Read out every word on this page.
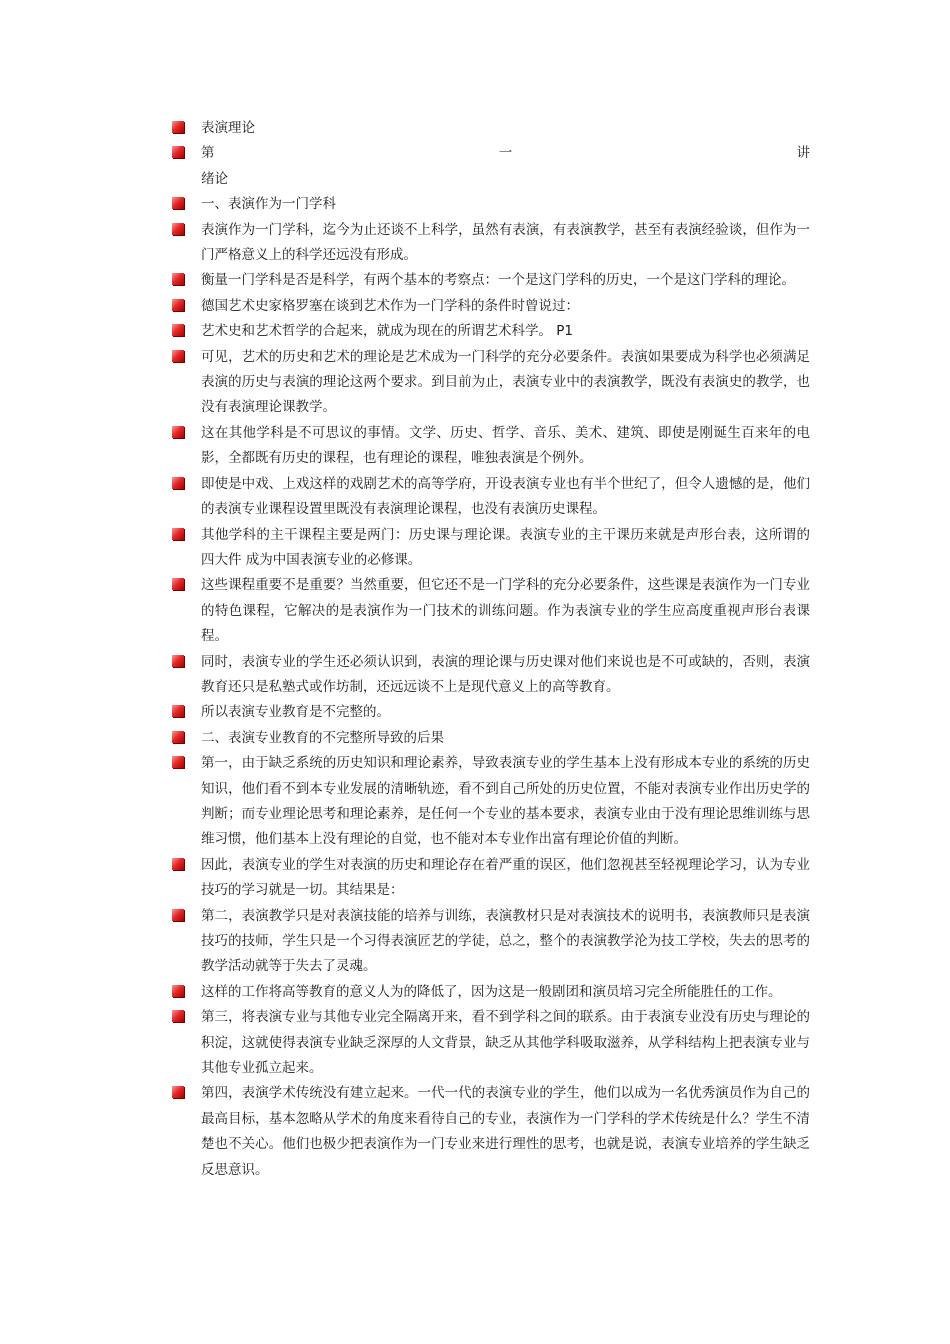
表演理论
第	一	讲
绪论
一、表演作为一门学科
表演作为一门学科，迄今为止还谈不上科学，虽然有表演，有表演教学，甚至有表演经验谈，但作为一门严格意义上的科学还远没有形成。
衡量一门学科是否是科学，有两个基本的考察点：一个是这门学科的历史，一个是这门学科的理论。
德国艺术史家格罗塞在谈到艺术作为一门学科的条件时曾说过：
艺术史和艺术哲学的合起来，就成为现在的所谓艺术科学。 P1
可见，艺术的历史和艺术的理论是艺术成为一门科学的充分必要条件。表演如果要成为科学也必须满足表演的历史与表演的理论这两个要求。到目前为止，表演专业中的表演教学，既没有表演史的教学，也没有表演理论课教学。
这在其他学科是不可思议的事情。文学、历史、哲学、音乐、美术、建筑、即使是刚诞生百来年的电影，全都既有历史的课程，也有理论的课程，唯独表演是个例外。
即使是中戏、上戏这样的戏剧艺术的高等学府，开设表演专业也有半个世纪了，但令人遗憾的是，他们的表演专业课程设置里既没有表演理论课程，也没有表演历史课程。
其他学科的主干课程主要是两门：历史课与理论课。表演专业的主干课历来就是声形台表，这所谓的 四大件 成为中国表演专业的必修课。
这些课程重要不是重要？当然重要，但它还不是一门学科的充分必要条件，这些课是表演作为一门专业的特色课程，它解决的是表演作为一门技术的训练问题。作为表演专业的学生应高度重视声形台表课程。
同时，表演专业的学生还必须认识到，表演的理论课与历史课对他们来说也是不可或缺的，否则，表演教育还只是私塾式或作坊制，还远远谈不上是现代意义上的高等教育。
所以表演专业教育是不完整的。
二、表演专业教育的不完整所导致的后果
第一，由于缺乏系统的历史知识和理论素养，导致表演专业的学生基本上没有形成本专业的系统的历史知识，他们看不到本专业发展的清晰轨迹，看不到自己所处的历史位置，不能对表演专业作出历史学的判断；而专业理论思考和理论素养，是任何一个专业的基本要求，表演专业由于没有理论思维训练与思维习惯，他们基本上没有理论的自觉，也不能对本专业作出富有理论价值的判断。
因此，表演专业的学生对表演的历史和理论存在着严重的误区，他们忽视甚至轻视理论学习，认为专业技巧的学习就是一切。其结果是：
第二，表演教学只是对表演技能的培养与训练，表演教材只是对表演技术的说明书，表演教师只是表演技巧的技师，学生只是一个习得表演匠艺的学徒，总之，整个的表演教学沦为技工学校，失去的思考的教学活动就等于失去了灵魂。
这样的工作将高等教育的意义人为的降低了，因为这是一般剧团和演员培习完全所能胜任的工作。
第三，将表演专业与其他专业完全隔离开来，看不到学科之间的联系。由于表演专业没有历史与理论的积淀，这就使得表演专业缺乏深厚的人文背景，缺乏从其他学科吸取滋养，从学科结构上把表演专业与其他专业孤立起来。
第四，表演学术传统没有建立起来。一代一代的表演专业的学生，他们以成为一名优秀演员作为自己的最高目标，基本忽略从学术的角度来看待自己的专业，表演作为一门学科的学术传统是什么？学生不清楚也不关心。他们也极少把表演作为一门专业来进行理性的思考，也就是说，表演专业培养的学生缺乏反思意识。
